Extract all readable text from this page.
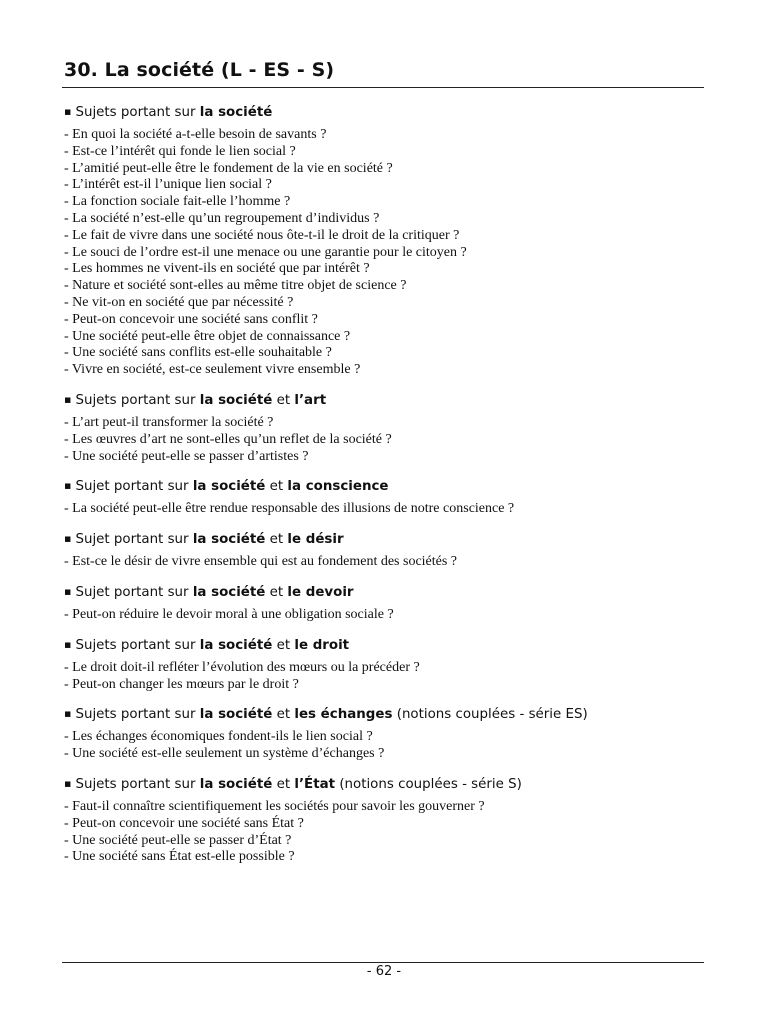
30. La société (L - ES - S)
▪ Sujets portant sur la société
- En quoi la société a-t-elle besoin de savants ?
- Est-ce l’intérêt qui fonde le lien social ?
- L’amitié peut-elle être le fondement de la vie en société ?
- L’intérêt est-il l’unique lien social ?
- La fonction sociale fait-elle l’homme ?
- La société n’est-elle qu’un regroupement d’individus ?
- Le fait de vivre dans une société nous ôte-t-il le droit de la critiquer ?
- Le souci de l’ordre est-il une menace ou une garantie pour le citoyen ?
- Les hommes ne vivent-ils en société que par intérêt ?
- Nature et société sont-elles au même titre objet de science ?
- Ne vit-on en société que par nécessité ?
- Peut-on concevoir une société sans conflit ?
- Une société peut-elle être objet de connaissance ?
- Une société sans conflits est-elle souhaitable ?
- Vivre en société, est-ce seulement vivre ensemble ?
▪ Sujets portant sur la société et l’art
- L’art peut-il transformer la société ?
- Les œuvres d’art ne sont-elles qu’un reflet de la société ?
- Une société peut-elle se passer d’artistes ?
▪ Sujet portant sur la société et la conscience
- La société peut-elle être rendue responsable des illusions de notre conscience ?
▪ Sujet portant sur la société et le désir
- Est-ce le désir de vivre ensemble qui est au fondement des sociétés ?
▪ Sujet portant sur la société et le devoir
- Peut-on réduire le devoir moral à une obligation sociale ?
▪ Sujets portant sur la société et le droit
- Le droit doit-il refléter l’évolution des mœurs ou la précéder ?
- Peut-on changer les mœurs par le droit ?
▪ Sujets portant sur la société et les échanges (notions couplées - série ES)
- Les échanges économiques fondent-ils le lien social ?
- Une société est-elle seulement un système d’échanges ?
▪ Sujets portant sur la société et l’État (notions couplées - série S)
- Faut-il connaître scientifiquement les sociétés pour savoir les gouverner ?
- Peut-on concevoir une société sans État ?
- Une société peut-elle se passer d’État ?
- Une société sans État est-elle possible ?
- 62 -
